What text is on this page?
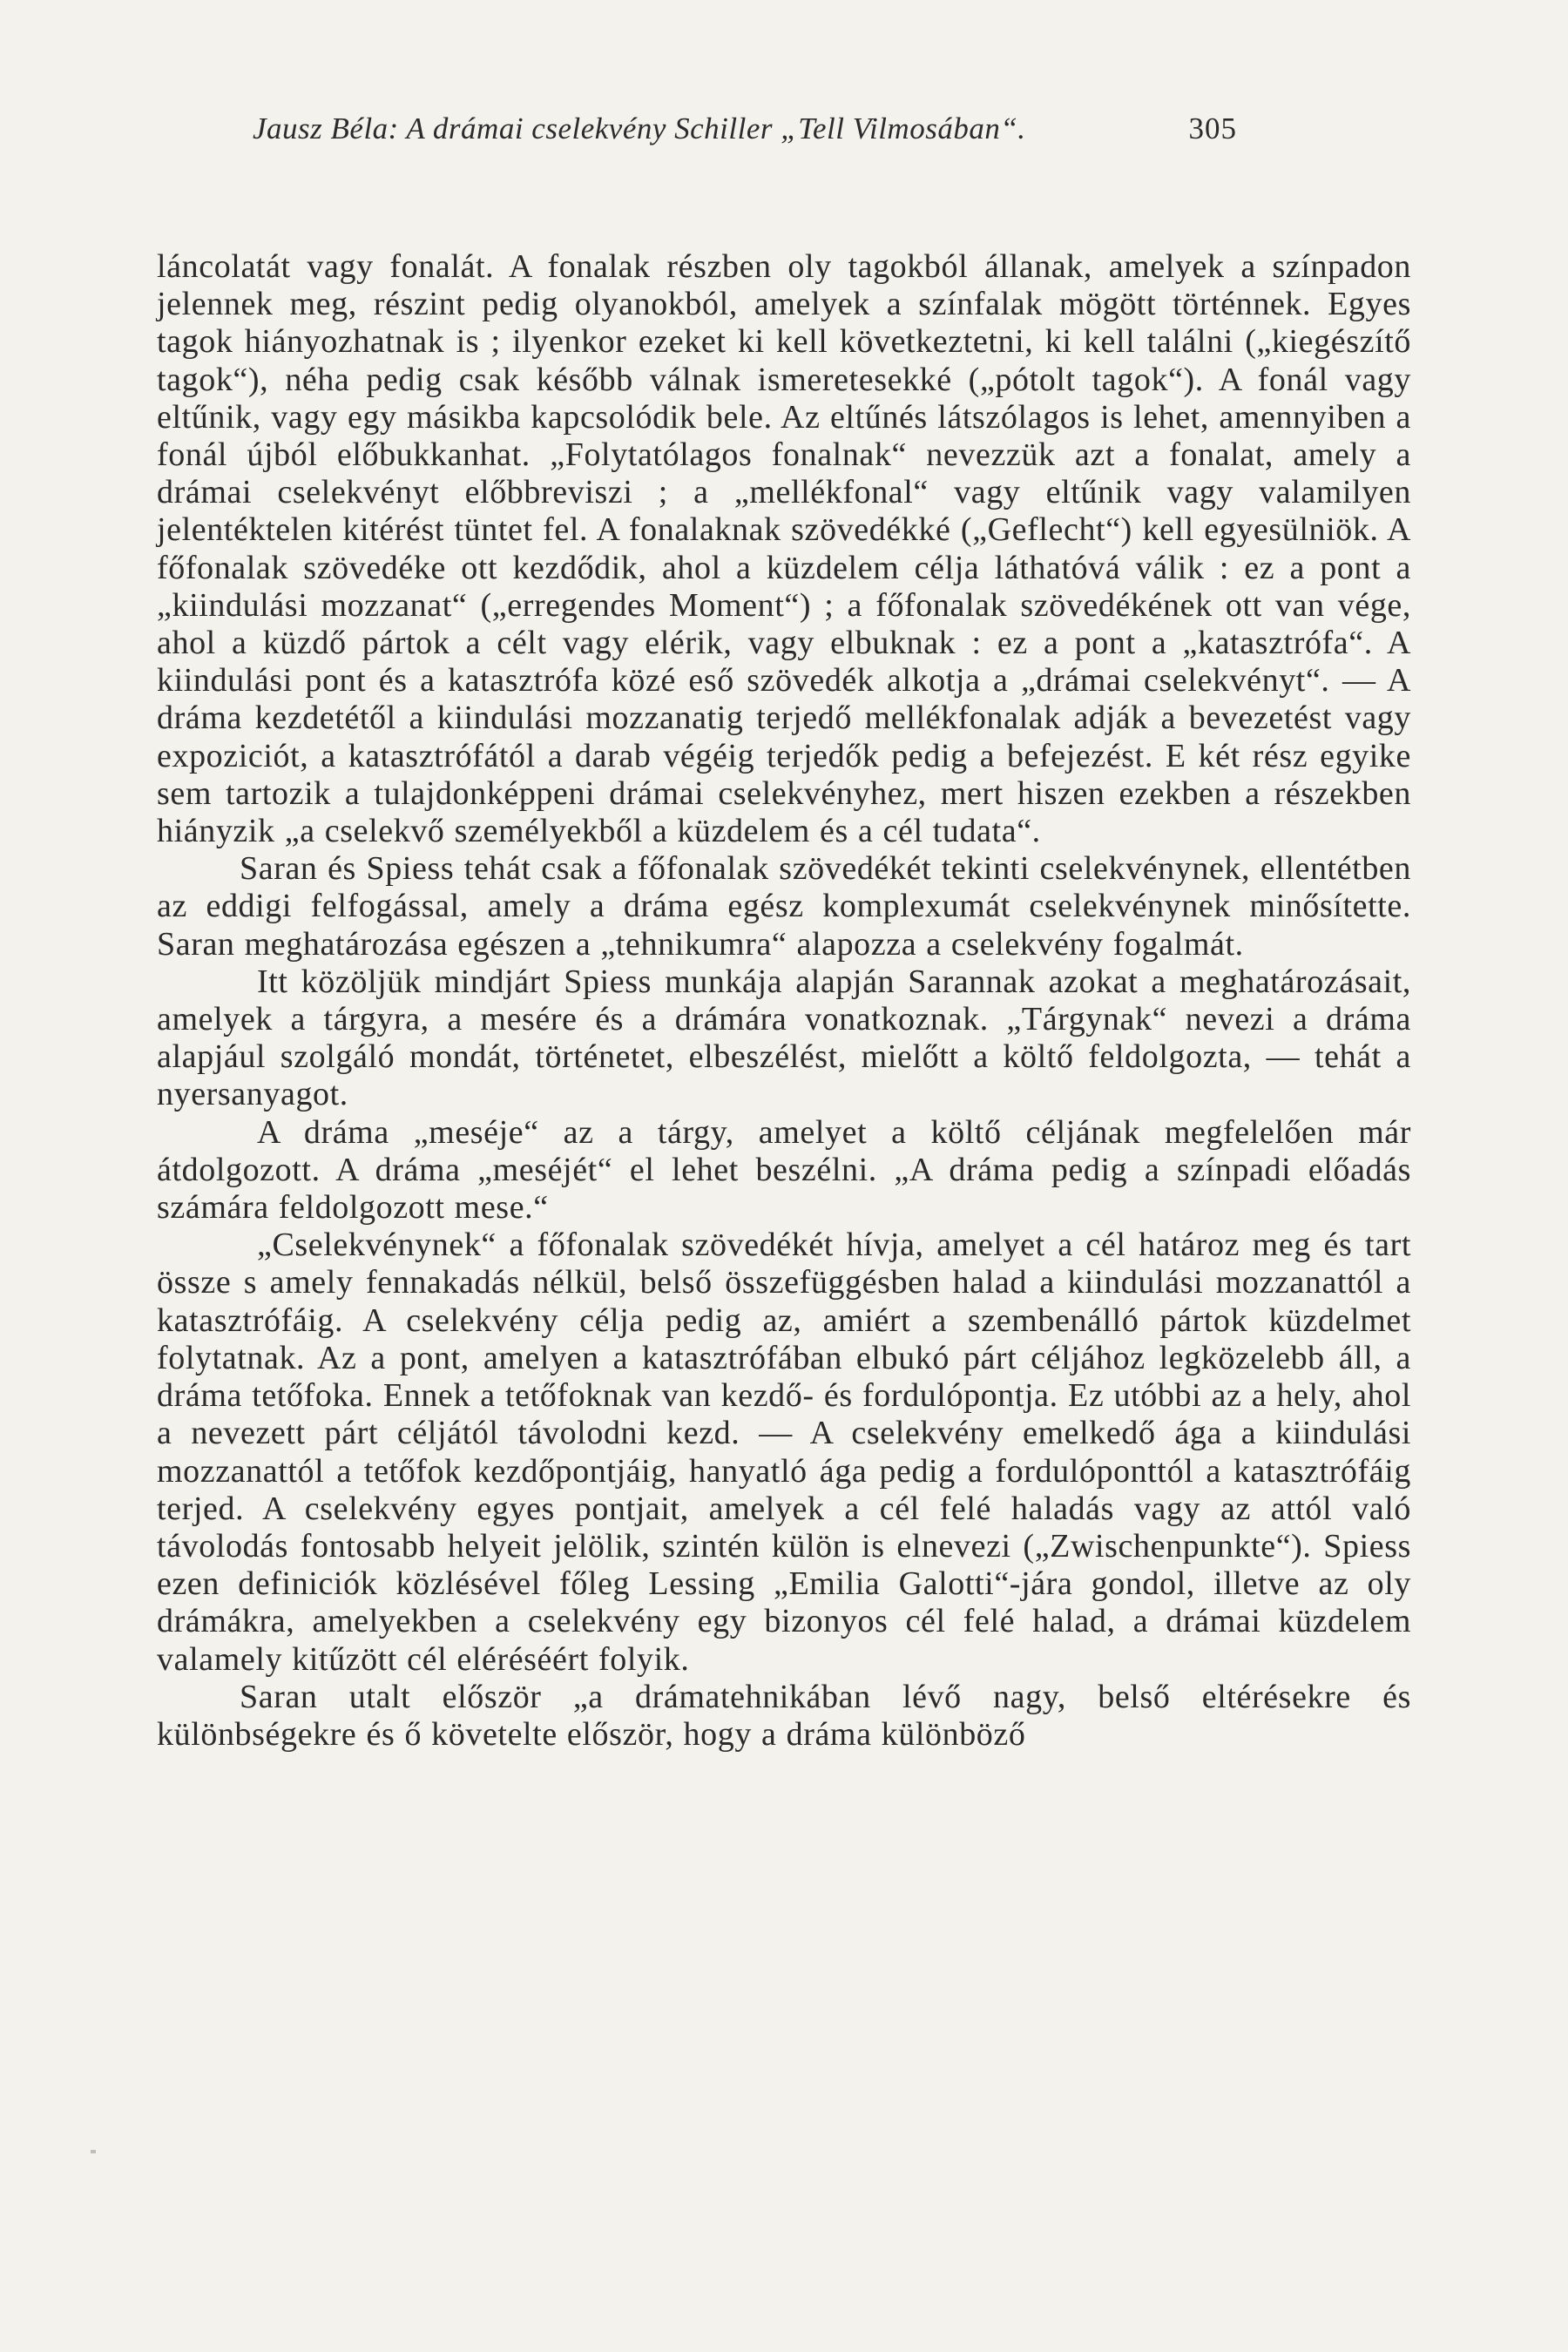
Jausz Béla: A drámai cselekvény Schiller „Tell Vilmosában“.	305

láncolatát vagy fonalát. A fonalak részben oly tagokból állanak, amelyek a színpadon jelennek meg, részint pedig olyanokból, amelyek a színfalak mögött történnek. Egyes tagok hiányozhatnak is ; ilyenkor ezeket ki kell következtetni, ki kell találni („kiegészítő tagok“), néha pedig csak később válnak ismeretesekké („pótolt tagok“). A fonál vagy eltűnik, vagy egy másikba kapcsolódik bele. Az eltűnés látszólagos is lehet, amennyiben a fonál újból előbukkanhat. „Folytatólagos fonalnak“ nevezzük azt a fonalat, amely a drámai cselekvényt előbbreviszi ; a „mellékfonal“ vagy eltűnik vagy valamilyen jelentéktelen kitérést tüntet fel. A fonalaknak szövedékké („Geflecht“) kell egyesülniök. A főfonalak szövedéke ott kezdődik, ahol a küzdelem célja láthatóvá válik : ez a pont a „kiindulási mozzanat“ („erregendes Moment“) ; a főfonalak szövedékének ott van vége, ahol a küzdő pártok a célt vagy elérik, vagy elbuknak : ez a pont a „katasztrófa“. A kiindulási pont és a katasztrófa közé eső szövedék alkotja a „drámai cselekvényt“. — A dráma kezdetétől a kiindulási mozzanatig terjedő mellékfonalak adják a bevezetést vagy expoziciót, a katasztrófától a darab végéig terjedők pedig a befejezést. E két rész egyike sem tartozik a tulajdonképpeni drámai cselekvényhez, mert hiszen ezekben a részekben hiányzik „a cselekvő személyekből a küzdelem és a cél tudata“.

Saran és Spiess tehát csak a főfonalak szövedékét tekinti cselekvénynek, ellentétben az eddigi felfogással, amely a dráma egész komplexumát cselekvénynek minősítette. Saran meghatározása egészen a „tehnikumra“ alapozza a cselekvény fogalmát.

Itt közöljük mindjárt Spiess munkája alapján Sarannak azokat a meghatározásait, amelyek a tárgyra, a mesére és a drámára vonatkoznak. „Tárgynak“ nevezi a dráma alapjául szolgáló mondát, történetet, elbeszélést, mielőtt a költő feldolgozta, — tehát a nyersanyagot.

A dráma „meséje“ az a tárgy, amelyet a költő céljának megfelelően már átdolgozott. A dráma „meséjét“ el lehet beszélni. „A dráma pedig a színpadi előadás számára feldolgozott mese.“

„Cselekvénynek“ a főfonalak szövedékét hívja, amelyet a cél határoz meg és tart össze s amely fennakadás nélkül, belső összefüggésben halad a kiindulási mozzanattól a katasztrófáig. A cselekvény célja pedig az, amiért a szembenálló pártok küzdelmet folytatnak. Az a pont, amelyen a katasztrófában elbukó párt céljához legközelebb áll, a dráma tetőfoka. Ennek a tetőfoknak van kezdő- és fordulópontja. Ez utóbbi az a hely, ahol a nevezett párt céljától távolodni kezd. — A cselekvény emelkedő ága a kiindulási mozzanattól a tetőfok kezdőpontjáig, hanyatló ága pedig a fordulóponttól a katasztrófáig terjed. A cselekvény egyes pontjait, amelyek a cél felé haladás vagy az attól való távolodás fontosabb helyeit jelölik, szintén külön is elnevezi („Zwischenpunkte“). Spiess ezen definiciók közlésével főleg Lessing „Emilia Galotti“-jára gondol, illetve az oly drámákra, amelyekben a cselekvény egy bizonyos cél felé halad, a drámai küzdelem valamely kitűzött cél eléréséért folyik.

Saran utalt először „a drámatehnikában lévő nagy, belső eltérésekre és különbségekre és ő követelte először, hogy a dráma különböző
